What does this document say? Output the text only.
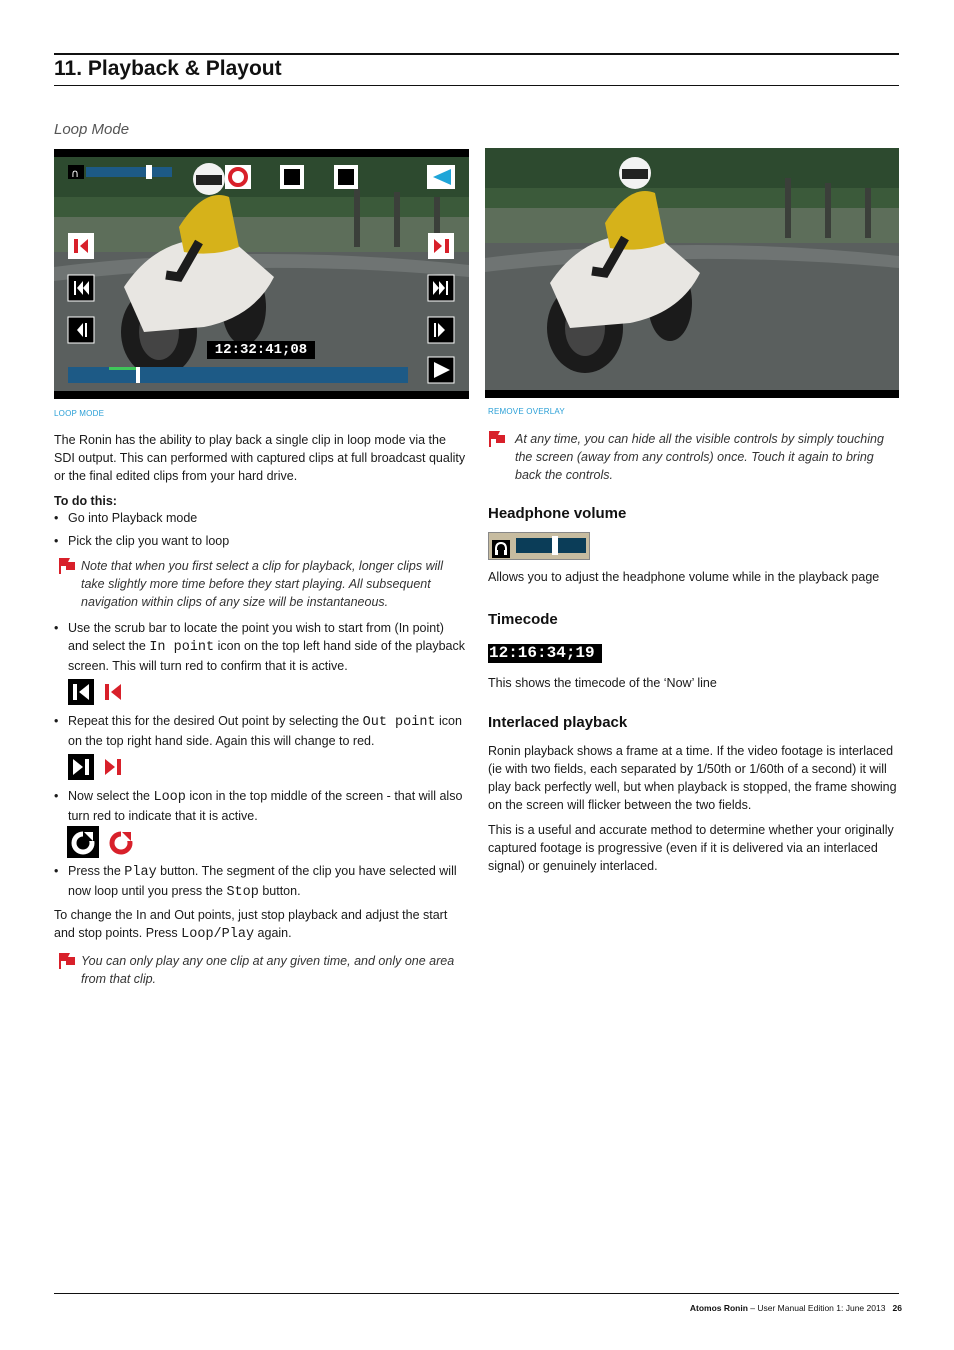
11. Playback & Playout
Loop Mode
∩
12:32:41;08
LOOP MODE	REMOVE OVERLAY
The Ronin has the ability to play back a single clip in loop mode via the SDI output. This can performed with captured clips at full broadcast quality or the final edited clips from your hard drive.
To do this:
• Go into Playback mode
• Pick the clip you want to loop
Note that when you first select a clip for playback, longer clips will take slightly more time before they start playing. All subsequent navigation within clips of any size will be instantaneous.
• Use the scrub bar to locate the point you wish to start from (In point) and select the In point icon on the top left hand side of the playback screen. This will turn red to confirm that it is active.
• Repeat this for the desired Out point by selecting the Out point icon on the top right hand side. Again this will change to red.
• Now select the Loop icon in the top middle of the screen - that will also turn red to indicate that it is active.
• Press the Play button. The segment of the clip you have selected will now loop until you press the Stop button.
To change the In and Out points, just stop playback and adjust the start and stop points. Press Loop/Play again.
You can only play any one clip at any given time, and only one area from that clip.
At any time, you can hide all the visible controls by simply touching the screen (away from any controls) once. Touch it again to bring back the controls.
Headphone volume
Allows you to adjust the headphone volume while in the playback page
Timecode
12:16:34;19
This shows the timecode of the ‘Now’ line
Interlaced playback
Ronin playback shows a frame at a time. If the video footage is interlaced (ie with two fields, each separated by 1/50th or 1/60th of a second) it will play back perfectly well, but when playback is stopped, the frame showing on the screen will flicker between the two fields.
This is a useful and accurate method to determine whether your originally captured footage is progressive (even if it is delivered via an interlaced signal) or genuinely interlaced.
Atomos Ronin – User Manual Edition 1: June 2013 26
